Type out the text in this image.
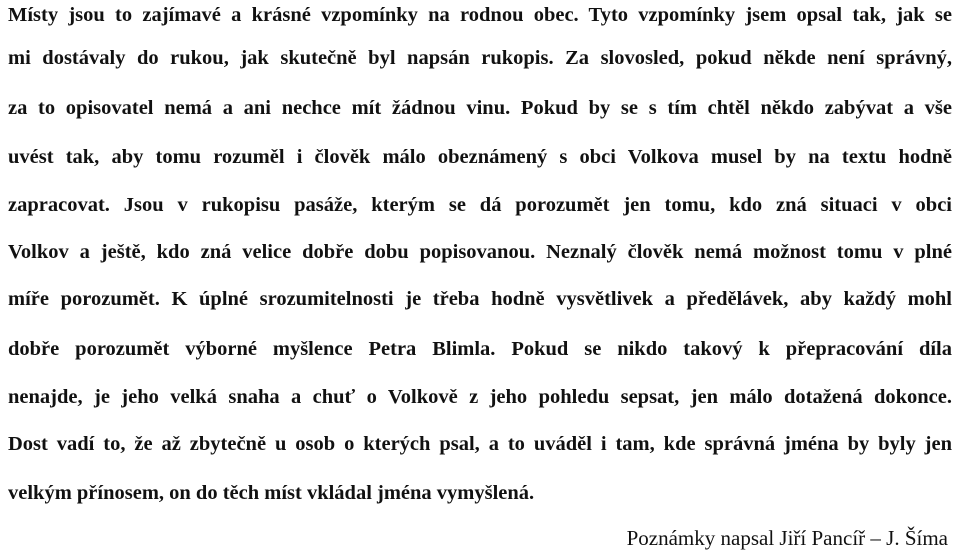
Místy jsou to zajímavé a krásné vzpomínky na rodnou obec. Tyto vzpomínky jsem opsal tak, jak se
mi dostávaly do rukou, jak skutečně byl napsán rukopis. Za slovosled, pokud někde není správný,
za to opisovatel nemá a ani nechce mít žádnou vinu. Pokud by se s tím chtěl někdo zabývat a vše
uvést tak, aby tomu rozuměl i člověk málo obeznámený s obci Volkova musel by na textu hodně
zapracovat. Jsou v rukopisu pasáže, kterým se dá porozumět jen tomu, kdo zná situaci v obci
Volkov a ještě, kdo zná velice dobře dobu popisovanou. Neznalý člověk nemá možnost tomu v plné
míře porozumět. K úplné srozumitelnosti je třeba hodně vysvětlivek a předělávek, aby každý mohl
dobře porozumět výborné myšlence Petra Blimla. Pokud se nikdo takový k přepracování díla
nenajde, je jeho velká snaha a chuť o Volkově z jeho pohledu sepsat, jen málo dotažená dokonce.
Dost vadí to, že až zbytečně u osob o kterých psal, a to uváděl i tam, kde správná jména by byly jen
velkým přínosem, on do těch míst vkládal jména vymyšlená.
Poznámky napsal Jiří Pancíř – J. Šíma
